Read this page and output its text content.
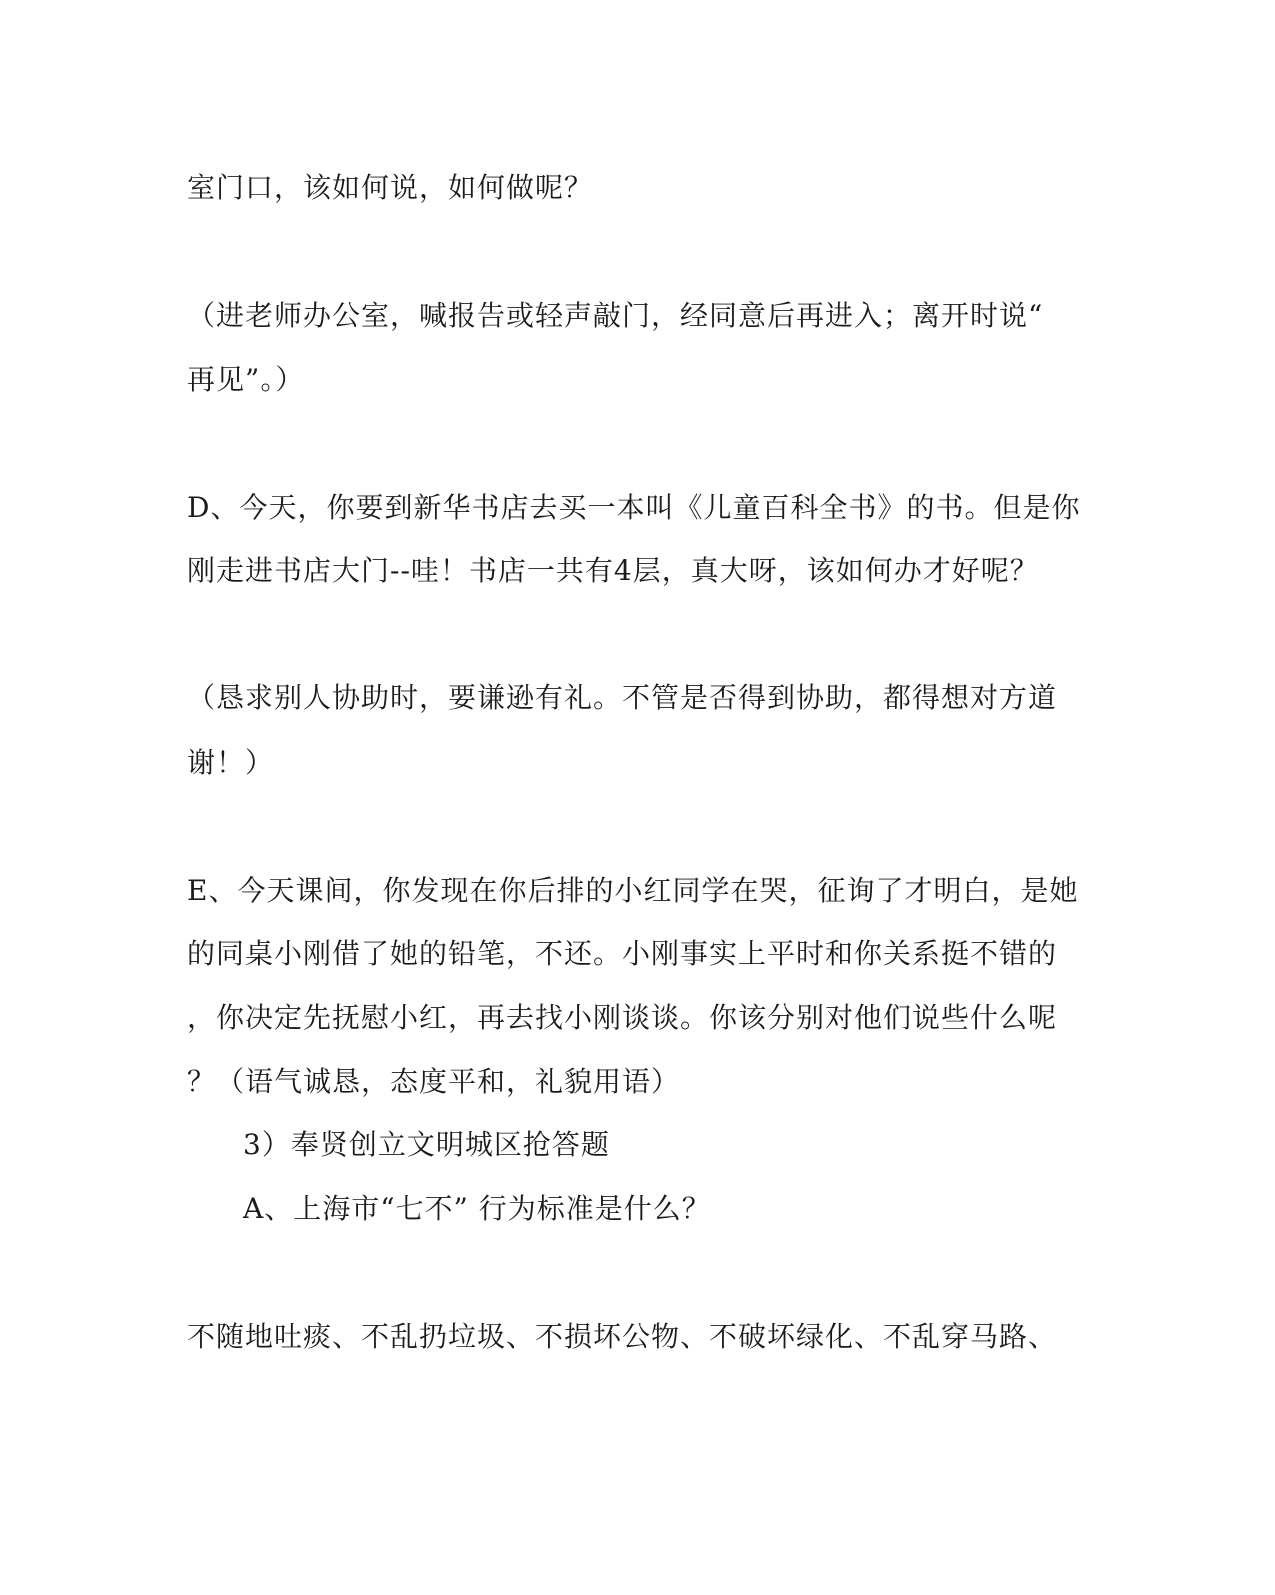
室门口，该如何说，如何做呢？
（进老师办公室，喊报告或轻声敲门，经同意后再进入；离开时说“
再见”。）
D、今天，你要到新华书店去买一本叫《儿童百科全书》的书。但是你
刚走进书店大门--哇！书店一共有4层，真大呀，该如何办才好呢？
（恳求别人协助时，要谦逊有礼。不管是否得到协助，都得想对方道
谢！）
E、今天课间，你发现在你后排的小红同学在哭，征询了才明白，是她
的同桌小刚借了她的铅笔，不还。小刚事实上平时和你关系挺不错的
，你决定先抚慰小红，再去找小刚谈谈。你该分别对他们说些什么呢
？（语气诚恳，态度平和，礼貌用语）
3）奉贤创立文明城区抢答题
A、上海市“七不” 行为标准是什么？
不随地吐痰、不乱扔垃圾、不损坏公物、不破坏绿化、不乱穿马路、
